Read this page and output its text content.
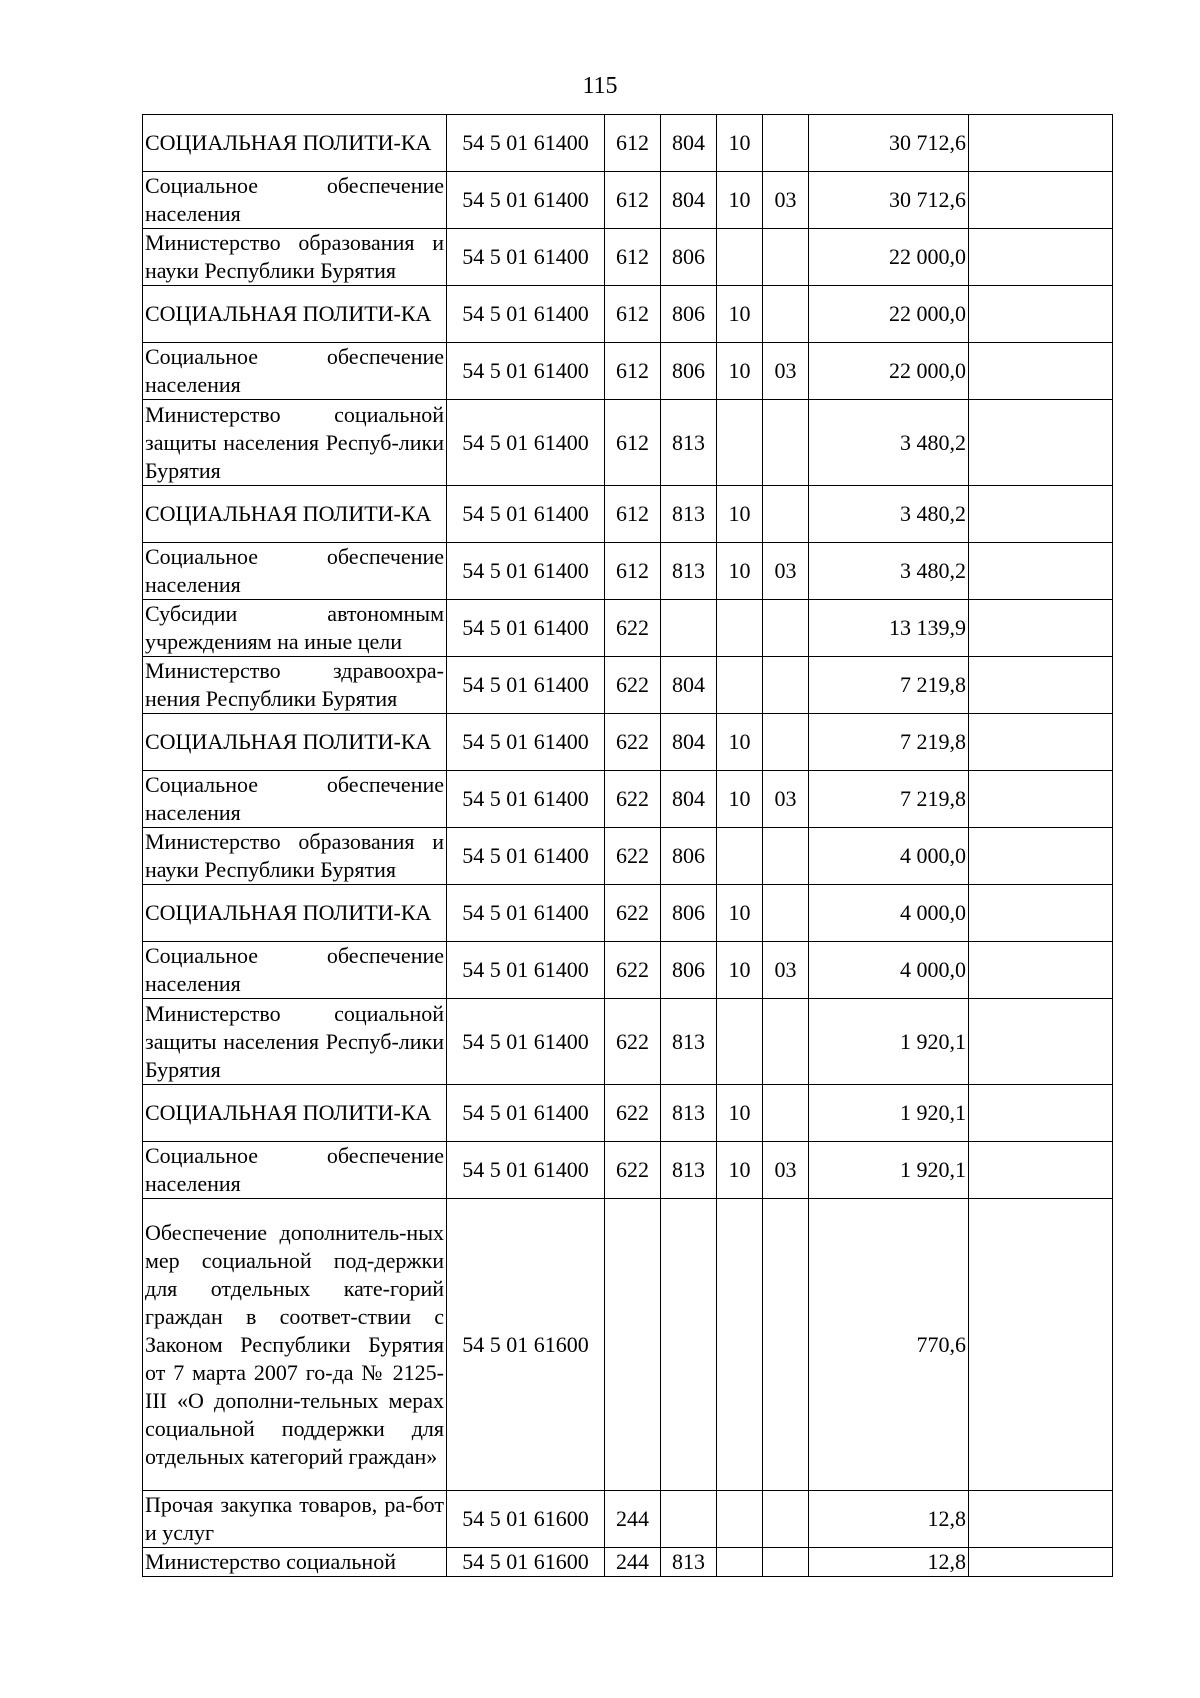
115
СОЦИАЛЬНАЯ ПОЛИТИ-КА	54 5 01 61400	612	804	10		30 712,6	
Социальное обеспечение населения	54 5 01 61400	612	804	10	03	30 712,6	
Министерство образования и науки Республики Бурятия	54 5 01 61400	612	806			22 000,0	
СОЦИАЛЬНАЯ ПОЛИТИ-КА	54 5 01 61400	612	806	10		22 000,0	
Социальное обеспечение населения	54 5 01 61400	612	806	10	03	22 000,0	
Министерство социальной защиты населения Респуб-лики Бурятия	54 5 01 61400	612	813			3 480,2	
СОЦИАЛЬНАЯ ПОЛИТИ-КА	54 5 01 61400	612	813	10		3 480,2	
Социальное обеспечение населения	54 5 01 61400	612	813	10	03	3 480,2	
Субсидии автономным учреждениям на иные цели	54 5 01 61400	622				13 139,9	
Министерство здравоохра-нения Республики Бурятия	54 5 01 61400	622	804			7 219,8	
СОЦИАЛЬНАЯ ПОЛИТИ-КА	54 5 01 61400	622	804	10		7 219,8	
Социальное обеспечение населения	54 5 01 61400	622	804	10	03	7 219,8	
Министерство образования и науки Республики Бурятия	54 5 01 61400	622	806			4 000,0	
СОЦИАЛЬНАЯ ПОЛИТИ-КА	54 5 01 61400	622	806	10		4 000,0	
Социальное обеспечение населения	54 5 01 61400	622	806	10	03	4 000,0	
Министерство социальной защиты населения Респуб-лики Бурятия	54 5 01 61400	622	813			1 920,1	
СОЦИАЛЬНАЯ ПОЛИТИ-КА	54 5 01 61400	622	813	10		1 920,1	
Социальное обеспечение населения	54 5 01 61400	622	813	10	03	1 920,1	
Обеспечение дополнитель-ных мер социальной под-держки для отдельных кате-горий граждан в соответ-ствии с Законом Республики Бурятия от 7 марта 2007 го-да № 2125-III «О дополни-тельных мерах социальной поддержки для отдельных категорий граждан»	54 5 01 61600					770,6	
Прочая закупка товаров, ра-бот и услуг	54 5 01 61600	244				12,8	
Министерство социальной	54 5 01 61600	244	813			12,8	
